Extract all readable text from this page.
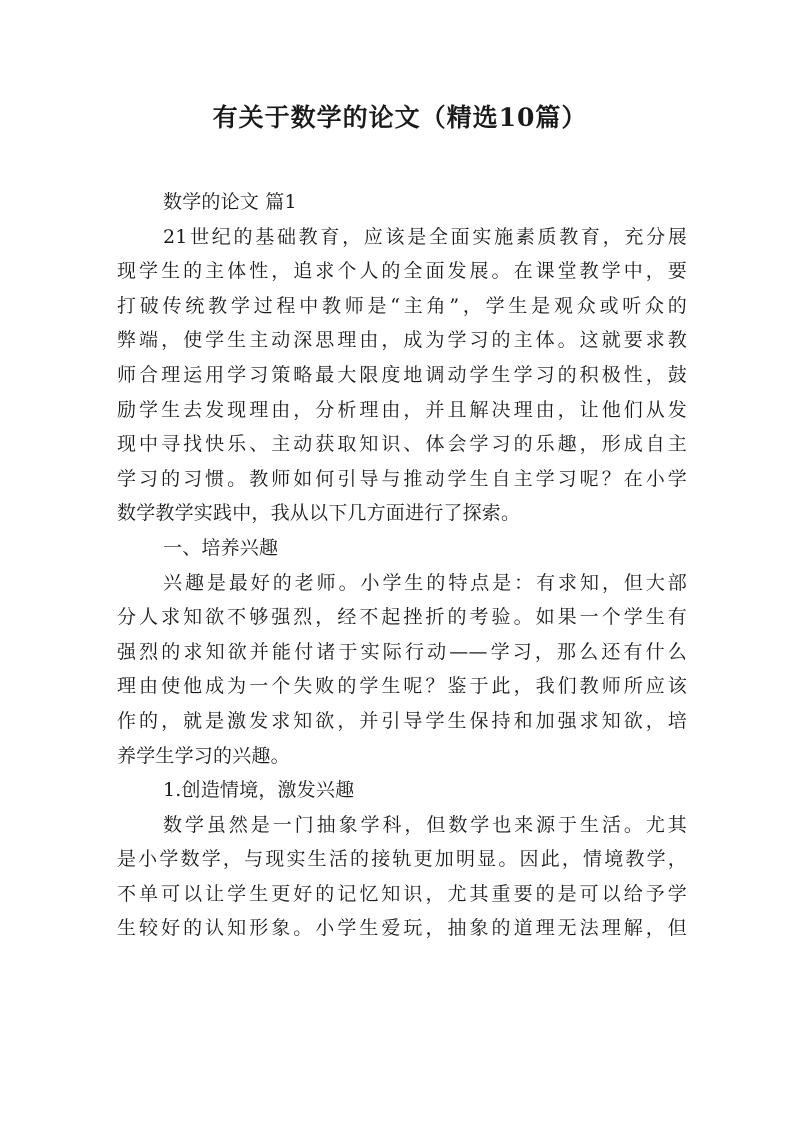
有关于数学的论文（精选10篇）

数学的论文 篇1

21世纪的基础教育，应该是全面实施素质教育，充分展
现学生的主体性，追求个人的全面发展。在课堂教学中，要
打破传统教学过程中教师是“主角”，学生是观众或听众的
弊端，使学生主动深思理由，成为学习的主体。这就要求教
师合理运用学习策略最大限度地调动学生学习的积极性，鼓
励学生去发现理由，分析理由，并且解决理由，让他们从发
现中寻找快乐、主动获取知识、体会学习的乐趣，形成自主
学习的习惯。教师如何引导与推动学生自主学习呢？在小学
数学教学实践中，我从以下几方面进行了探索。

一、培养兴趣

兴趣是最好的老师。小学生的特点是：有求知，但大部
分人求知欲不够强烈，经不起挫折的考验。如果一个学生有
强烈的求知欲并能付诸于实际行动——学习，那么还有什么
理由使他成为一个失败的学生呢？鉴于此，我们教师所应该
作的，就是激发求知欲，并引导学生保持和加强求知欲，培
养学生学习的兴趣。

1.创造情境，激发兴趣

数学虽然是一门抽象学科，但数学也来源于生活。尤其
是小学数学，与现实生活的接轨更加明显。因此，情境教学，
不单可以让学生更好的记忆知识，尤其重要的是可以给予学
生较好的认知形象。小学生爱玩，抽象的道理无法理解，但
